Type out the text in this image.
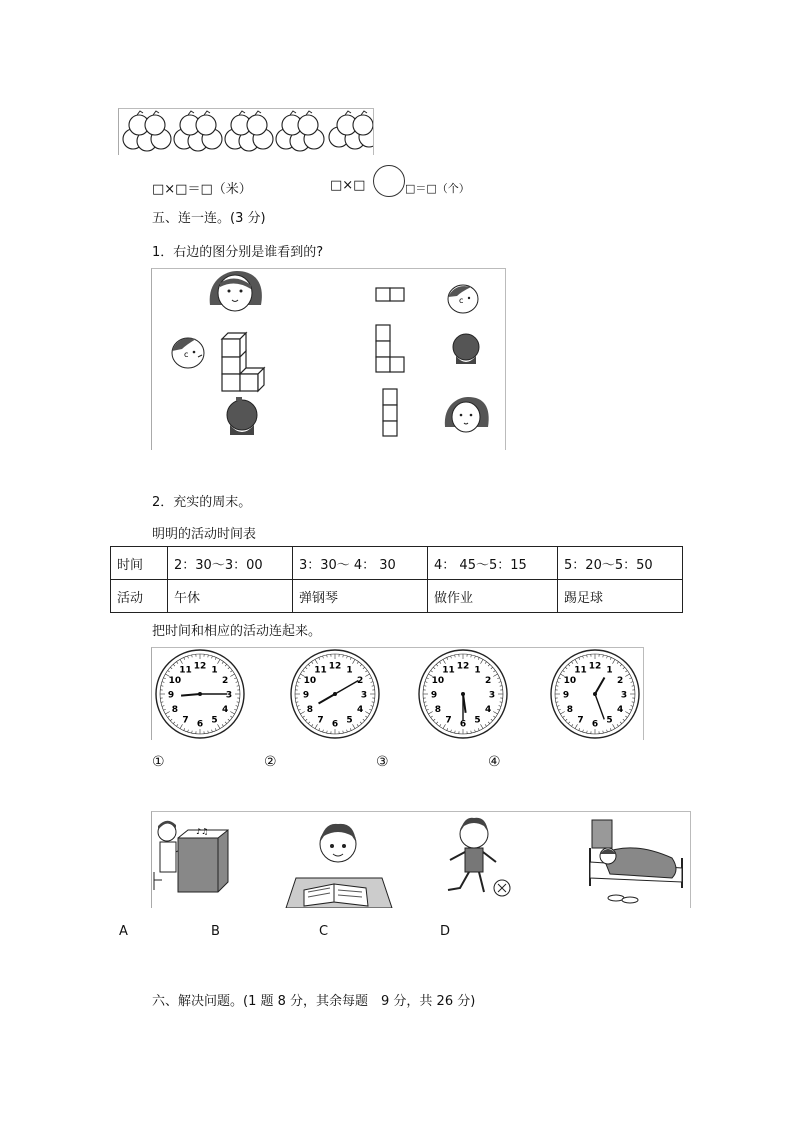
□×□＝□（米）	□×□	□＝□（个）
五、连一连。(3 分)
1．右边的图分别是谁看到的?
c
c
2．充实的周末。
明明的活动时间表
时间	2：30～3：00	3：30～ 4： 30	4： 45～5：15	5：20～5：50
活动	午休	弹钢琴	做作业	踢足球
把时间和相应的活动连起来。
12 1
2
3
4
5
6
7
8
9
10
11	12 1
2
3
4
5
6
7
8
9
10
11	12 1
2
3
4
5
6
7
8
9
10
11	12 1
2
3
4
5
6
7
8
9
10
11
①	②	③	④
♪♫
A	B	C	D
六、解决问题。(1 题 8 分，其余每题　9 分，共 26 分)
